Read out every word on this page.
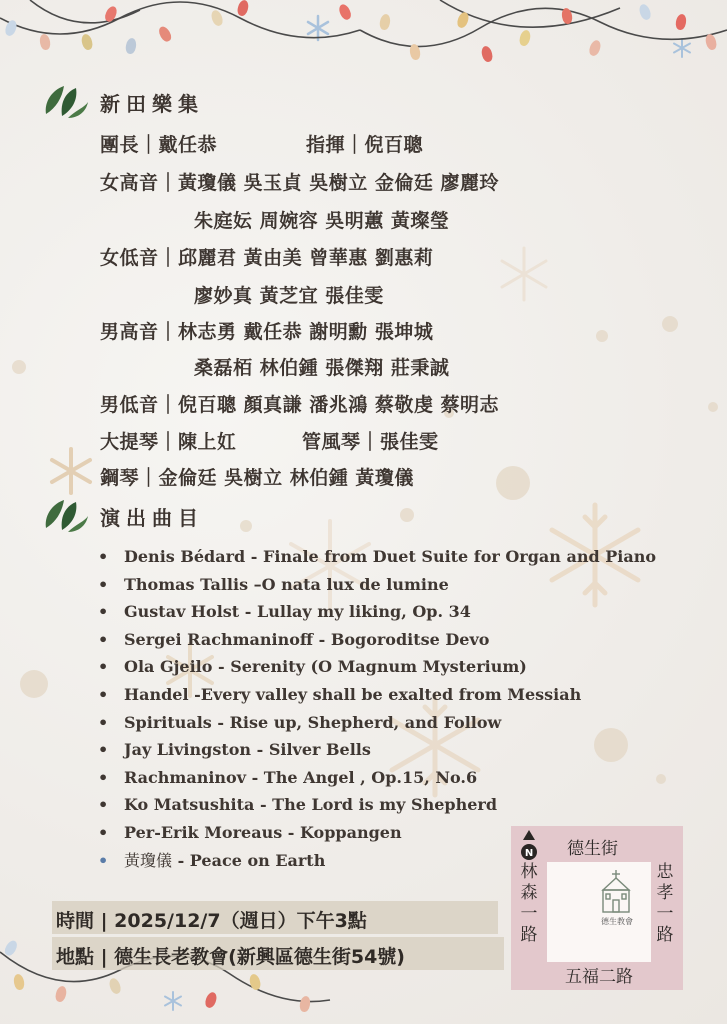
新田樂集
團長｜戴任恭	指揮｜倪百聰
女高音｜黃瓊儀 吳玉貞 吳樹立 金倫廷 廖麗玲
朱庭妘 周婉容 吳明蕙 黃璨瑩
女低音｜邱麗君 黃由美 曾華惠 劉惠莉
廖妙真 黃芝宜 張佳雯
男高音｜林志勇 戴任恭 謝明勳 張坤城
桑磊栢 林伯鍾 張傑翔 莊秉誠
男低音｜倪百聰 顏真謙 潘兆鴻 蔡敬虔 蔡明志
大提琴｜陳上妅	管風琴｜張佳雯
鋼琴｜金倫廷 吳樹立 林伯鍾 黃瓊儀
演出曲目
Denis Bédard - Finale from Duet Suite for Organ and Piano
Thomas Tallis –O nata lux de lumine
Gustav Holst - Lullay my liking, Op. 34
Sergei Rachmaninoff - Bogoroditse Devo
Ola Gjeilo - Serenity (O Magnum Mysterium)
Handel -Every valley shall be exalted from Messiah
Spirituals - Rise up, Shepherd, and Follow
Jay Livingston - Silver Bells
Rachmaninov - The Angel , Op.15, No.6
Ko Matsushita - The Lord is my Shepherd
Per-Erik Moreaus - Koppangen
黃瓊儀 - Peace on Earth
時間 | 2025/12/7（週日）下午3點
地點 | 德生長老教會(新興區德生街54號)
N 德生街
林森一路
忠孝一路
五福二路
德生教會
